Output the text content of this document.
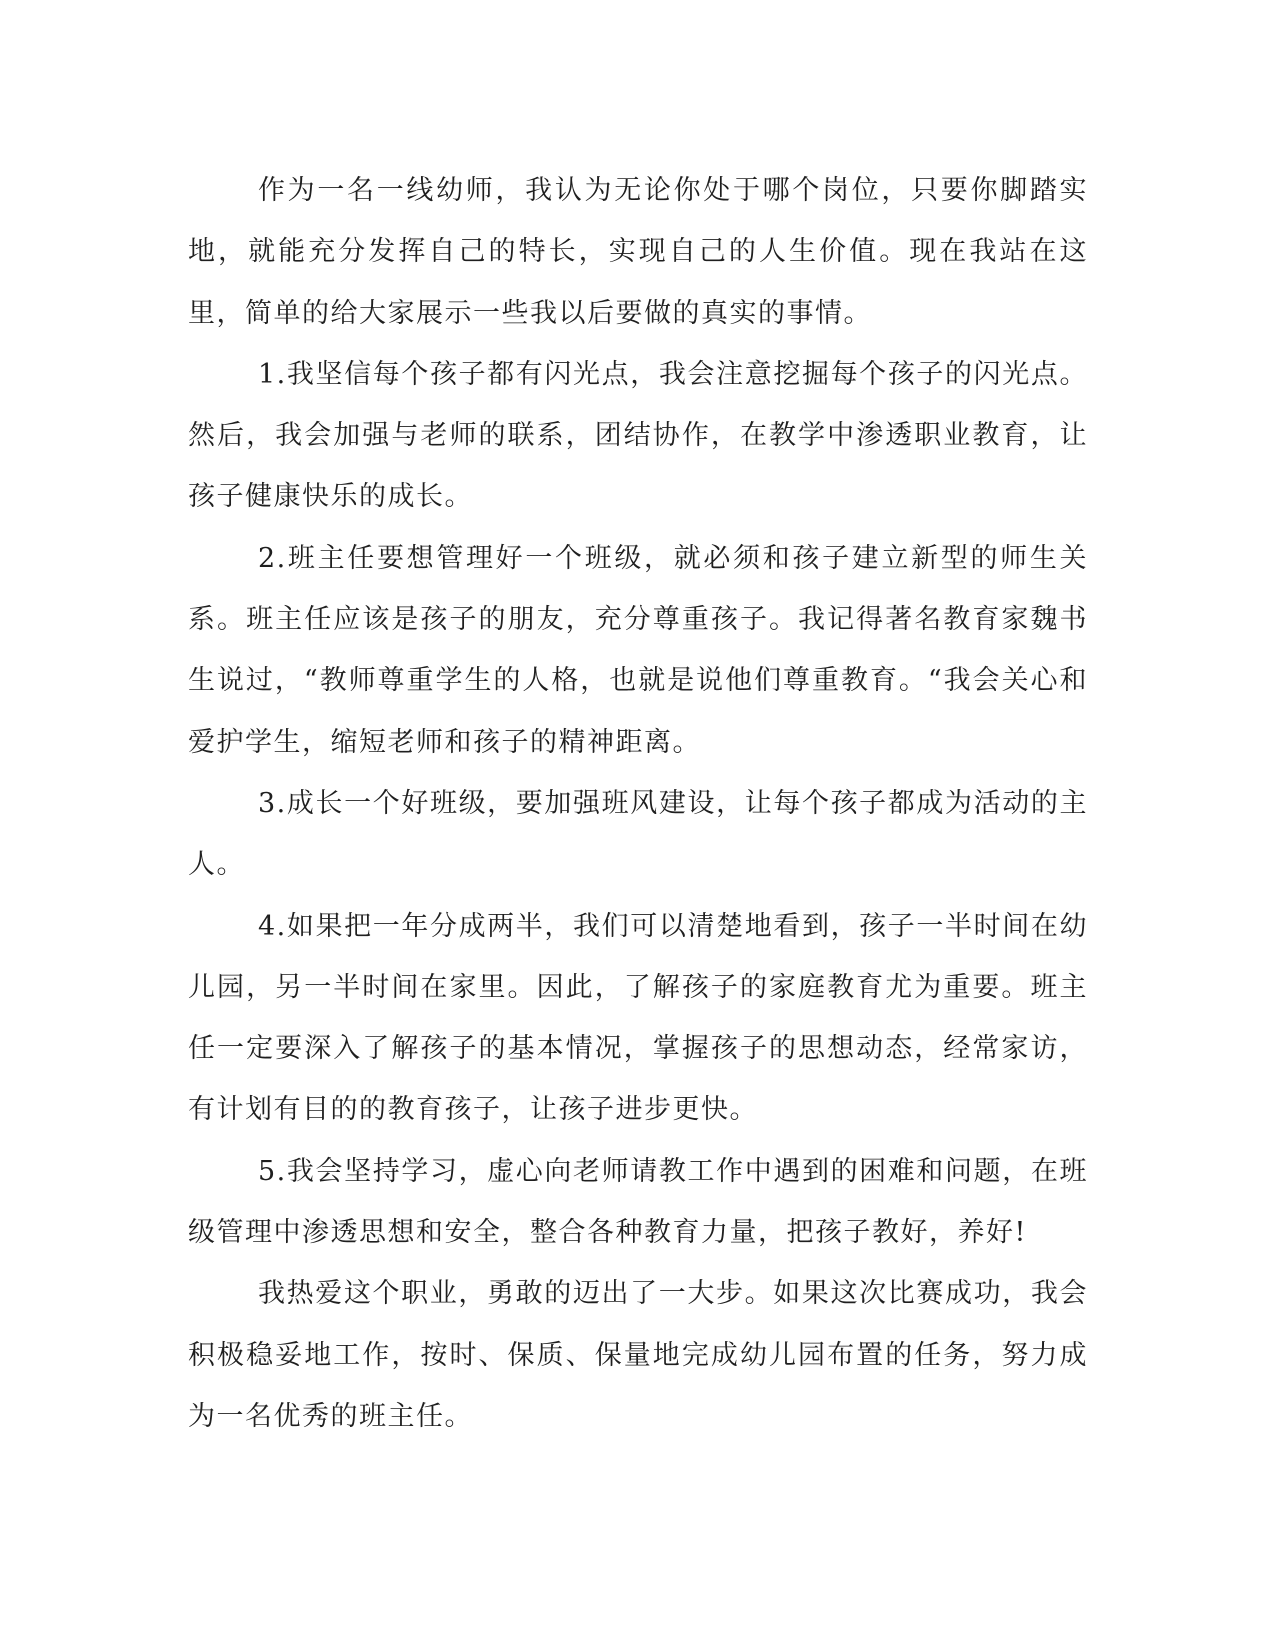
作为一名一线幼师，我认为无论你处于哪个岗位，只要你脚踏实地，就能充分发挥自己的特长，实现自己的人生价值。现在我站在这里，简单的给大家展示一些我以后要做的真实的事情。

1.我坚信每个孩子都有闪光点，我会注意挖掘每个孩子的闪光点。然后，我会加强与老师的联系，团结协作，在教学中渗透职业教育，让孩子健康快乐的成长。

2.班主任要想管理好一个班级，就必须和孩子建立新型的师生关系。班主任应该是孩子的朋友，充分尊重孩子。我记得著名教育家魏书生说过，“教师尊重学生的人格，也就是说他们尊重教育。“我会关心和爱护学生，缩短老师和孩子的精神距离。

3.成长一个好班级，要加强班风建设，让每个孩子都成为活动的主人。

4.如果把一年分成两半，我们可以清楚地看到，孩子一半时间在幼儿园，另一半时间在家里。因此，了解孩子的家庭教育尤为重要。班主任一定要深入了解孩子的基本情况，掌握孩子的思想动态，经常家访，有计划有目的的教育孩子，让孩子进步更快。

5.我会坚持学习，虚心向老师请教工作中遇到的困难和问题，在班级管理中渗透思想和安全，整合各种教育力量，把孩子教好，养好!

我热爱这个职业，勇敢的迈出了一大步。如果这次比赛成功，我会积极稳妥地工作，按时、保质、保量地完成幼儿园布置的任务，努力成为一名优秀的班主任。
